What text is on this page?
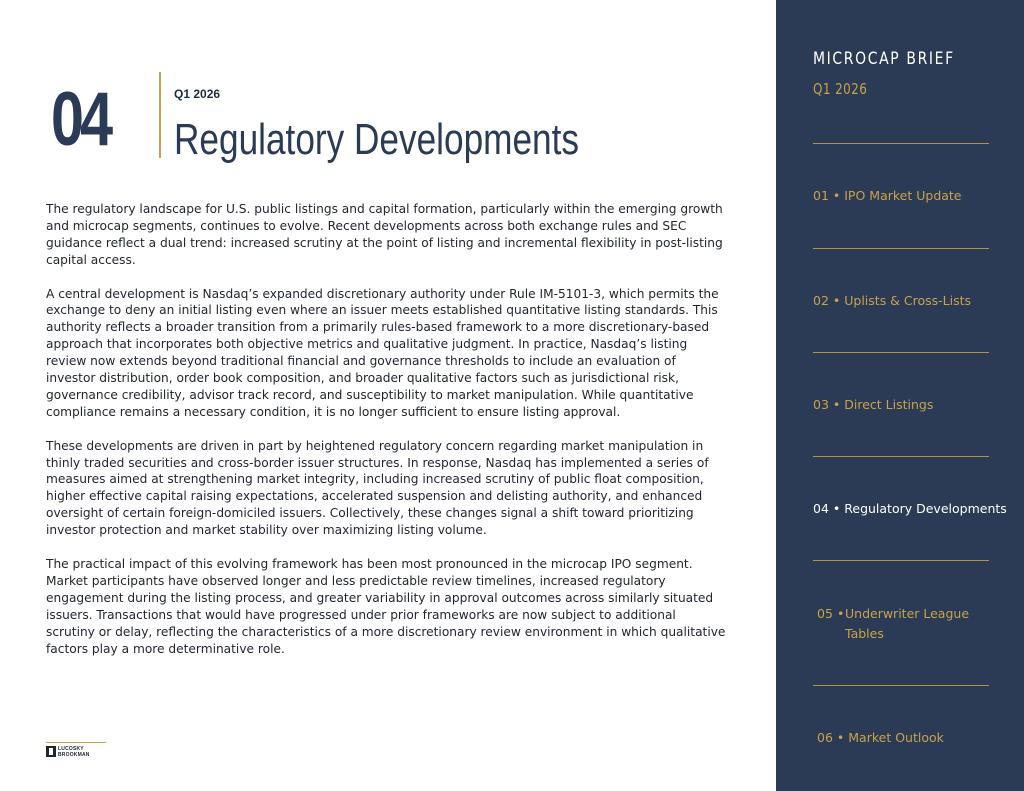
04	Q1 2026
Regulatory Developments

The regulatory landscape for U.S. public listings and capital formation, particularly within the emerging growth and microcap segments, continues to evolve. Recent developments across both exchange rules and SEC guidance reflect a dual trend: increased scrutiny at the point of listing and incremental flexibility in post-listing capital access.

A central development is Nasdaq’s expanded discretionary authority under Rule IM-5101-3, which permits the exchange to deny an initial listing even where an issuer meets established quantitative listing standards. This authority reflects a broader transition from a primarily rules-based framework to a more discretionary-based approach that incorporates both objective metrics and qualitative judgment. In practice, Nasdaq’s listing review now extends beyond traditional financial and governance thresholds to include an evaluation of investor distribution, order book composition, and broader qualitative factors such as jurisdictional risk, governance credibility, advisor track record, and susceptibility to market manipulation. While quantitative compliance remains a necessary condition, it is no longer sufficient to ensure listing approval.

These developments are driven in part by heightened regulatory concern regarding market manipulation in thinly traded securities and cross-border issuer structures. In response, Nasdaq has implemented a series of measures aimed at strengthening market integrity, including increased scrutiny of public float composition, higher effective capital raising expectations, accelerated suspension and delisting authority, and enhanced oversight of certain foreign-domiciled issuers. Collectively, these changes signal a shift toward prioritizing investor protection and market stability over maximizing listing volume.

The practical impact of this evolving framework has been most pronounced in the microcap IPO segment. Market participants have observed longer and less predictable review timelines, increased regulatory engagement during the listing process, and greater variability in approval outcomes across similarly situated issuers. Transactions that would have progressed under prior frameworks are now subject to additional scrutiny or delay, reflecting the characteristics of a more discretionary review environment in which qualitative factors play a more determinative role.

LUCOSKY
BROOKMAN
MICROCAP BRIEF
Q1 2026
01 • IPO Market Update
02 • Uplists & Cross-Lists
03 • Direct Listings
04 • Regulatory Developments
05 • Underwriter League Tables
06 • Market Outlook
